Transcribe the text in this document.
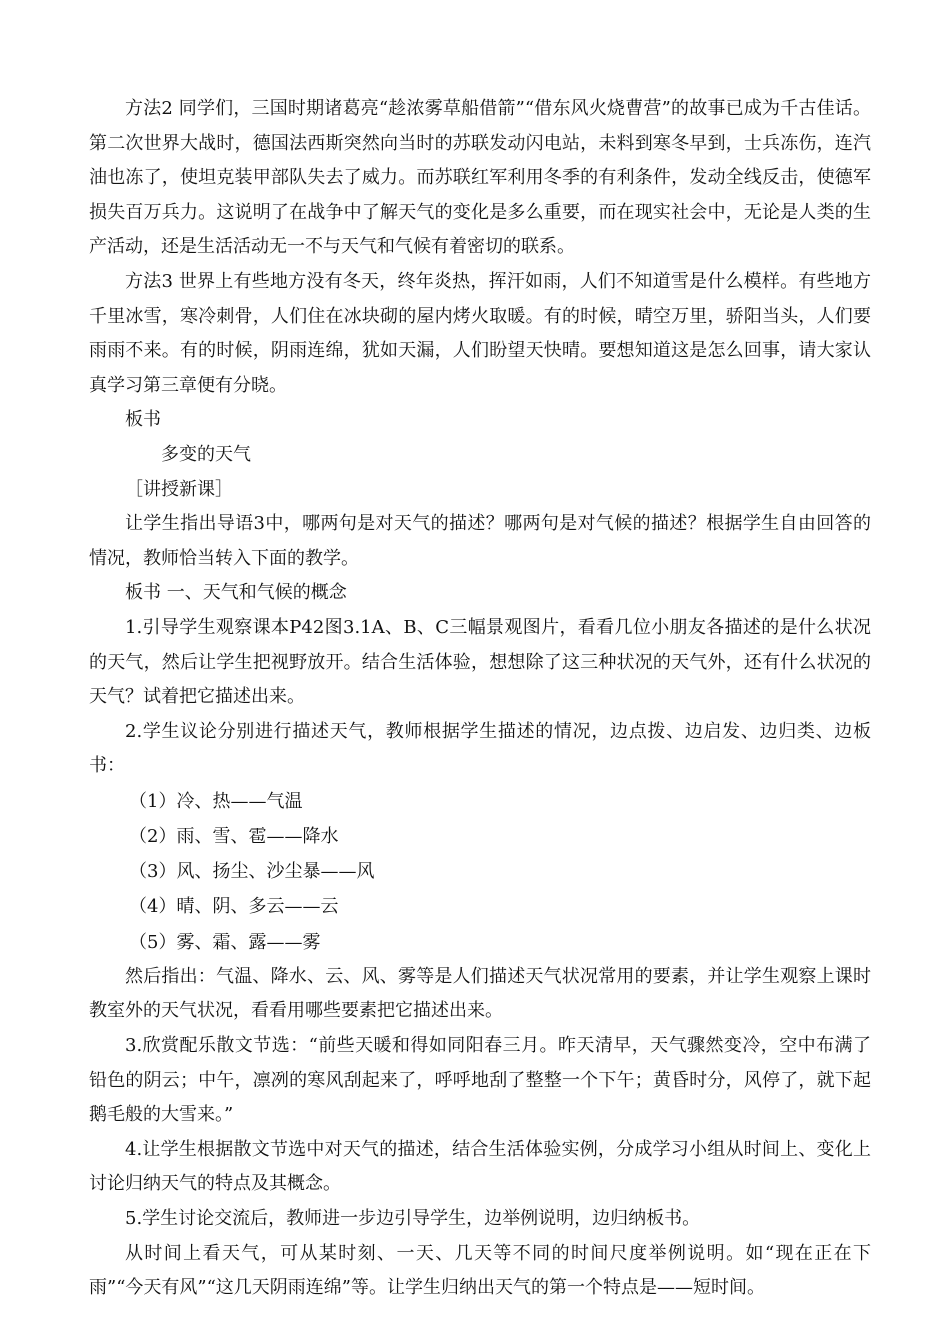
方法2 同学们，三国时期诸葛亮“趁浓雾草船借箭”“借东风火烧曹营”的故事已成为千古佳话。第二次世界大战时，德国法西斯突然向当时的苏联发动闪电站，未料到寒冬早到，士兵冻伤，连汽油也冻了，使坦克装甲部队失去了威力。而苏联红军利用冬季的有利条件，发动全线反击，使德军损失百万兵力。这说明了在战争中了解天气的变化是多么重要，而在现实社会中，无论是人类的生产活动，还是生活活动无一不与天气和气候有着密切的联系。

方法3 世界上有些地方没有冬天，终年炎热，挥汗如雨，人们不知道雪是什么模样。有些地方千里冰雪，寒冷刺骨，人们住在冰块砌的屋内烤火取暖。有的时候，晴空万里，骄阳当头，人们要雨雨不来。有的时候，阴雨连绵，犹如天漏，人们盼望天快晴。要想知道这是怎么回事，请大家认真学习第三章便有分晓。

板书

多变的天气

［讲授新课］

让学生指出导语3中，哪两句是对天气的描述？哪两句是对气候的描述？根据学生自由回答的情况，教师恰当转入下面的教学。

板书 一、天气和气候的概念

1.引导学生观察课本P42图3.1A、B、C三幅景观图片，看看几位小朋友各描述的是什么状况的天气，然后让学生把视野放开。结合生活体验，想想除了这三种状况的天气外，还有什么状况的天气？试着把它描述出来。

2.学生议论分别进行描述天气，教师根据学生描述的情况，边点拨、边启发、边归类、边板书：

（1）冷、热——气温

（2）雨、雪、雹——降水

（3）风、扬尘、沙尘暴——风

（4）晴、阴、多云——云

（5）雾、霜、露——雾

然后指出：气温、降水、云、风、雾等是人们描述天气状况常用的要素，并让学生观察上课时教室外的天气状况，看看用哪些要素把它描述出来。

3.欣赏配乐散文节选：“前些天暖和得如同阳春三月。昨天清早，天气骤然变冷，空中布满了铅色的阴云；中午，凛冽的寒风刮起来了，呼呼地刮了整整一个下午；黄昏时分，风停了，就下起鹅毛般的大雪来。”

4.让学生根据散文节选中对天气的描述，结合生活体验实例，分成学习小组从时间上、变化上讨论归纳天气的特点及其概念。

5.学生讨论交流后，教师进一步边引导学生，边举例说明，边归纳板书。

从时间上看天气，可从某时刻、一天、几天等不同的时间尺度举例说明。如“现在正在下雨”“今天有风”“这几天阴雨连绵”等。让学生归纳出天气的第一个特点是——短时间。
